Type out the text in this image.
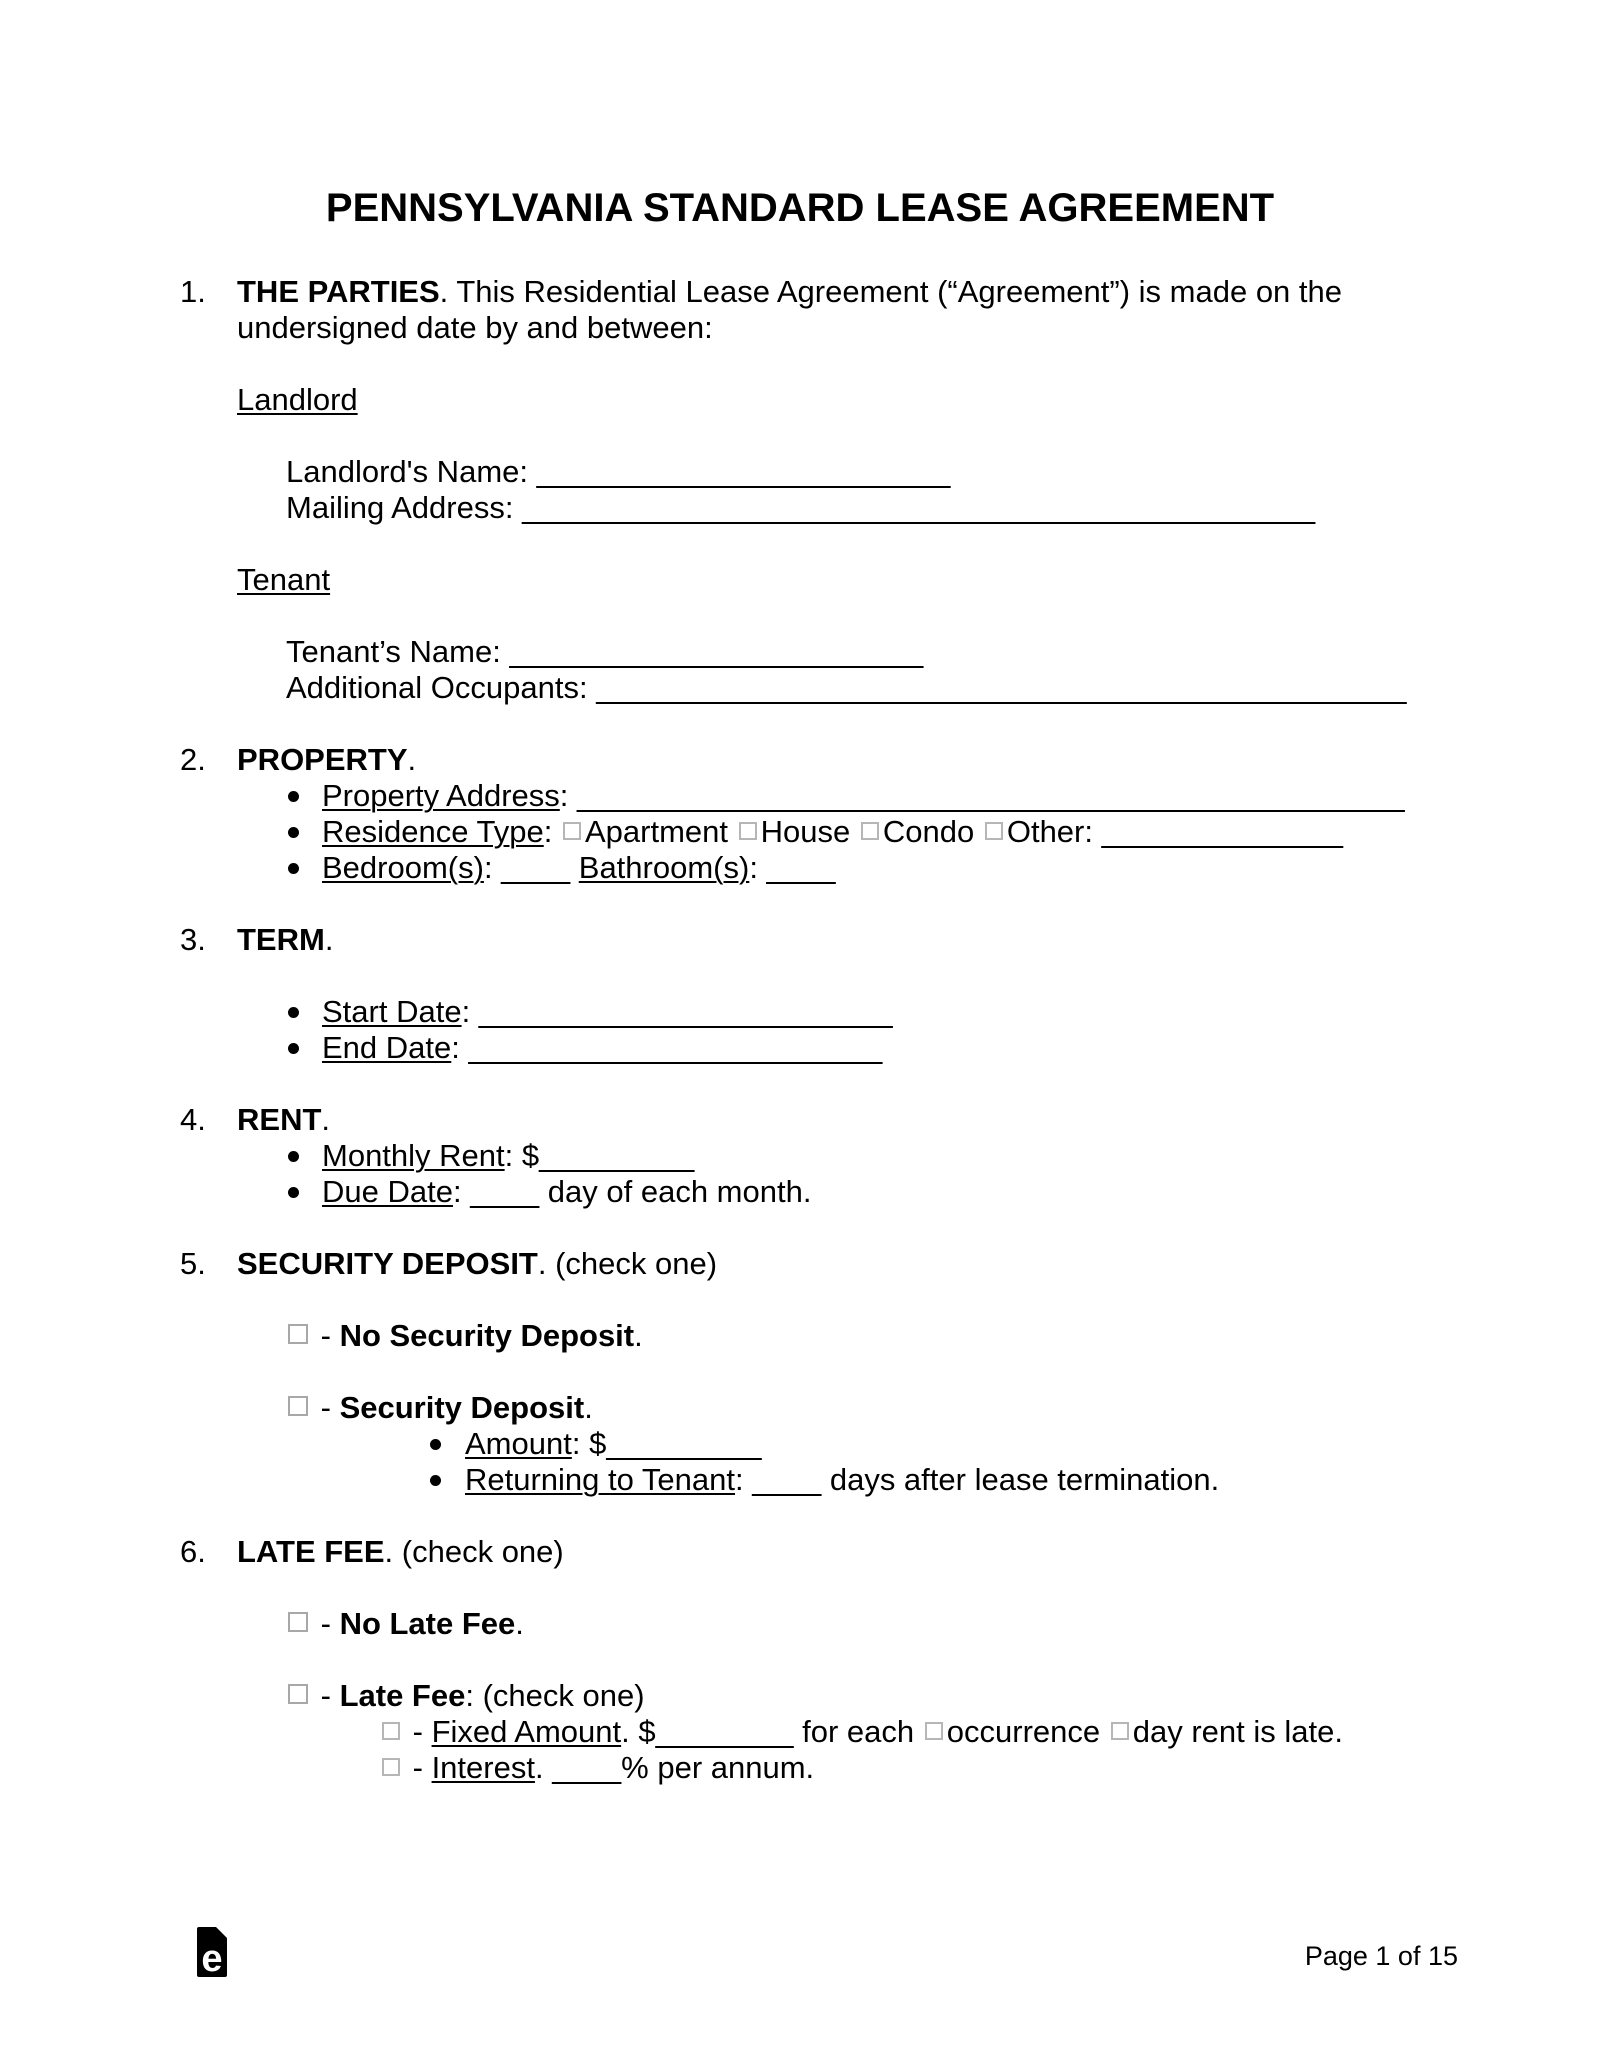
PENNSYLVANIA STANDARD LEASE AGREEMENT
1. THE PARTIES. This Residential Lease Agreement (“Agreement”) is made on the
undersigned date by and between:
Landlord
Landlord's Name: ________________________
Mailing Address: ______________________________________________
Tenant
Tenant’s Name: ________________________
Additional Occupants: _______________________________________________
2. PROPERTY.
Property Address: ________________________________________________
Residence Type: Apartment House Condo Other: ______________
Bedroom(s): ____ Bathroom(s): ____
3. TERM.
Start Date: ________________________
End Date: ________________________
4. RENT.
Monthly Rent: $_________
Due Date: ____ day of each month.
5. SECURITY DEPOSIT. (check one)
- No Security Deposit.
- Security Deposit.
Amount: $_________
Returning to Tenant: ____ days after lease termination.
6. LATE FEE. (check one)
- No Late Fee.
- Late Fee: (check one)
- Fixed Amount. $________ for each occurrence day rent is late.
- Interest. ____% per annum.
e	Page 1 of 15
